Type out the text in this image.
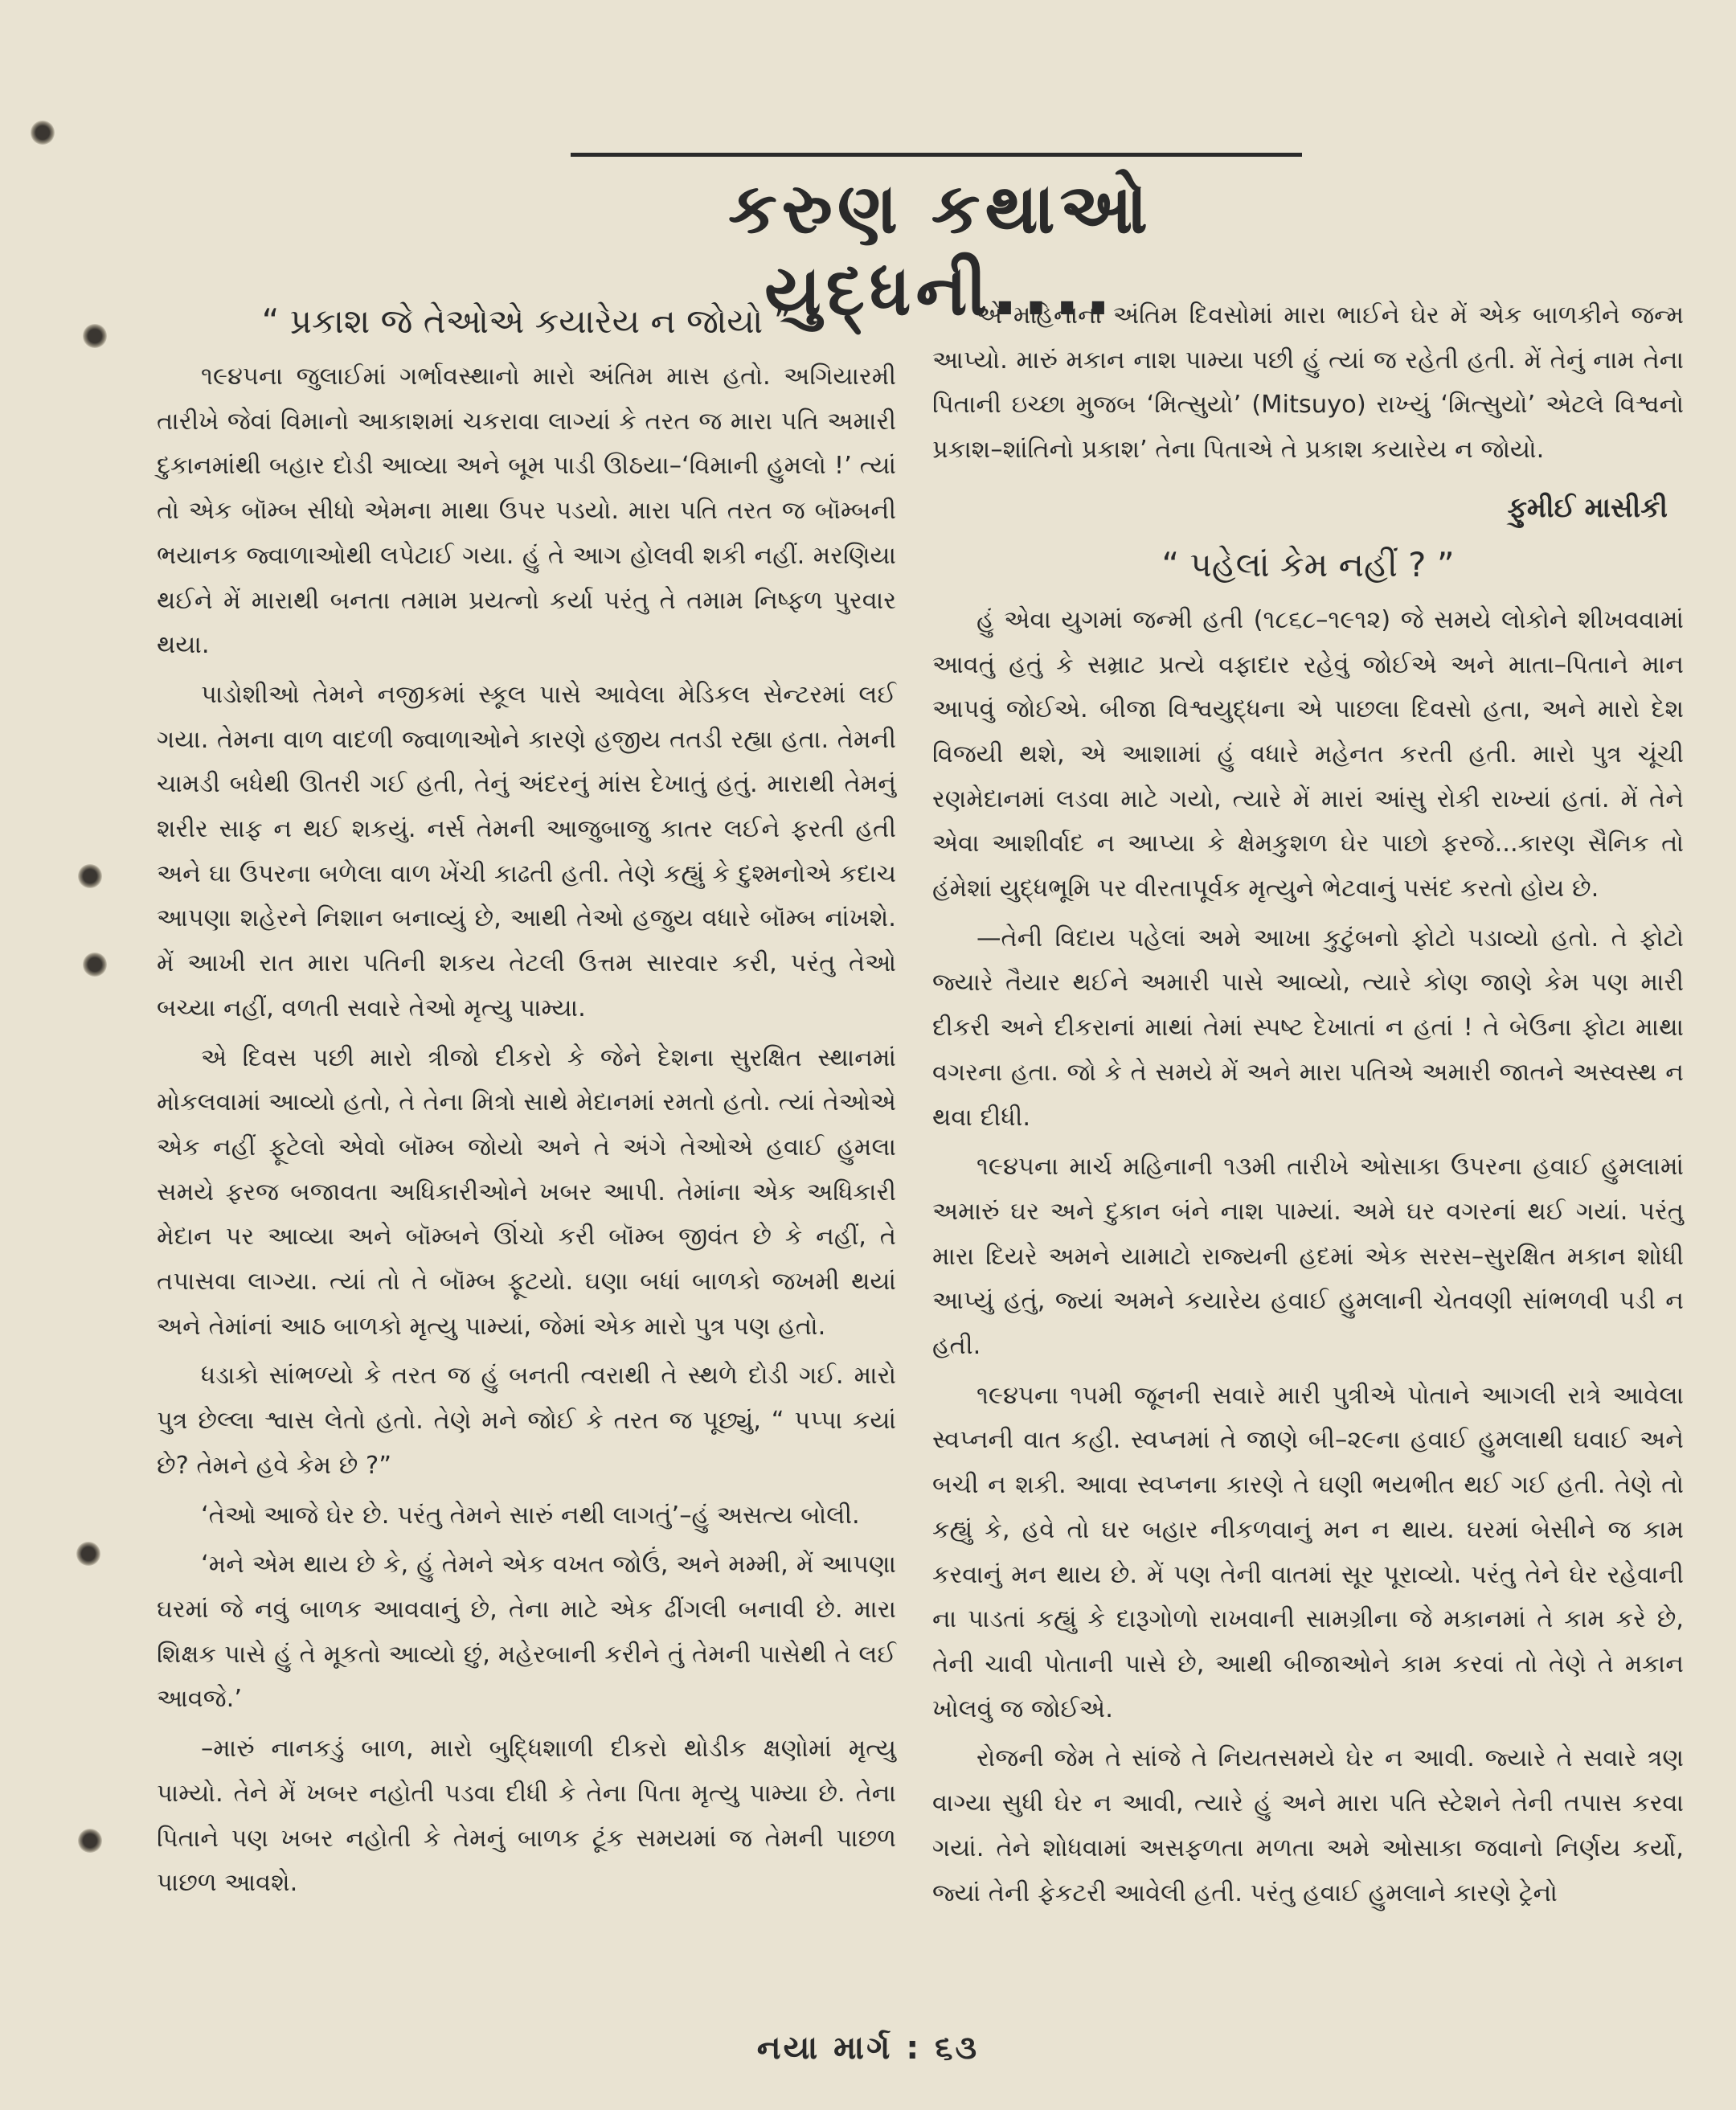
કરુણ કથાઓ યુદ્ધની....
“ પ્રકાશ જે તેઓએ કયારેય ન જોયો ”

૧૯૪૫ના જુલાઈમાં ગર્ભાવસ્થાનો મારો અંતિમ માસ હતો. અગિયારમી તારીખે જેવાં વિમાનો આકાશમાં ચકરાવા લાગ્યાં કે તરત જ મારા પતિ અમારી દુકાનમાંથી બહાર દોડી આવ્યા અને બૂમ પાડી ઊઠયા–‘વિમાની હુમલો !’ ત્યાં તો એક બૉમ્બ સીધો એમના માથા ઉપર પડયો. મારા પતિ તરત જ બૉમ્બની ભયાનક જ્વાળાઓથી લપેટાઈ ગયા. હું તે આગ હોલવી શકી નહીં. મરણિયા થઈને મેં મારાથી બનતા તમામ પ્રયત્નો કર્યા પરંતુ તે તમામ નિષ્ફળ પુરવાર થયા.

પાડોશીઓ તેમને નજીકમાં સ્કૂલ પાસે આવેલા મેડિકલ સેન્ટરમાં લઈ ગયા. તેમના વાળ વાદળી જ્વાળાઓને કારણે હજીય તતડી રહ્યા હતા. તેમની ચામડી બધેથી ઊતરી ગઈ હતી, તેનું અંદરનું માંસ દેખાતું હતું. મારાથી તેમનું શરીર સાફ ન થઈ શકયું. નર્સ તેમની આજુબાજુ કાતર લઈને ફરતી હતી અને ઘા ઉપરના બળેલા વાળ ખેંચી કાઢતી હતી. તેણે કહ્યું કે દુશ્મનોએ કદાચ આપણા શહેરને નિશાન બનાવ્યું છે, આથી તેઓ હજુય વધારે બૉમ્બ નાંખશે. મેં આખી રાત મારા પતિની શકય તેટલી ઉત્તમ સારવાર કરી, પરંતુ તેઓ બચ્યા નહીં, વળતી સવારે તેઓ મૃત્યુ પામ્યા.

એ દિવસ પછી મારો ત્રીજો દીકરો કે જેને દેશના સુરક્ષિત સ્થાનમાં મોકલવામાં આવ્યો હતો, તે તેના મિત્રો સાથે મેદાનમાં રમતો હતો. ત્યાં તેઓએ એક નહીં ફૂટેલો એવો બૉમ્બ જોયો અને તે અંગે તેઓએ હવાઈ હુમલા સમયે ફરજ બજાવતા અધિકારીઓને ખબર આપી. તેમાંના એક અધિકારી મેદાન પર આવ્યા અને બૉમ્બને ઊંચો કરી બૉમ્બ જીવંત છે કે નહીં, તે તપાસવા લાગ્યા. ત્યાં તો તે બૉમ્બ ફૂટયો. ઘણા બધાં બાળકો જખમી થયાં અને તેમાંનાં આઠ બાળકો મૃત્યુ પામ્યાં, જેમાં એક મારો પુત્ર પણ હતો.

ધડાકો સાંભળ્યો કે તરત જ હું બનતી ત્વરાથી તે સ્થળે દોડી ગઈ. મારો પુત્ર છેલ્લા શ્વાસ લેતો હતો. તેણે મને જોઈ કે તરત જ પૂછ્યું, “ પપ્પા કયાં છે? તેમને હવે કેમ છે ?”

‘તેઓ આજે ઘેર છે. પરંતુ તેમને સારું નથી લાગતું’–હું અસત્ય બોલી.

‘મને એમ થાય છે કે, હું તેમને એક વખત જોઉં, અને મમ્મી, મેં આપણા ઘરમાં જે નવું બાળક આવવાનું છે, તેના માટે એક ઢીંગલી બનાવી છે. મારા શિક્ષક પાસે હું તે મૂકતો આવ્યો છું, મહેરબાની કરીને તું તેમની પાસેથી તે લઈ આવજે.’

–મારું નાનકડું બાળ, મારો બુદ્ધિશાળી દીકરો થોડીક ક્ષણોમાં મૃત્યુ પામ્યો. તેને મેં ખબર નહોતી પડવા દીધી કે તેના પિતા મૃત્યુ પામ્યા છે. તેના પિતાને પણ ખબર નહોતી કે તેમનું બાળક ટૂંક સમયમાં જ તેમની પાછળ પાછળ આવશે.

એ મહિનાના અંતિમ દિવસોમાં મારા ભાઈને ઘેર મેં એક બાળકીને જન્મ આપ્યો. મારું મકાન નાશ પામ્યા પછી હું ત્યાં જ રહેતી હતી. મેં તેનું નામ તેના પિતાની ઇચ્છા મુજબ ‘મિત્સુયો’ (Mitsuyo) રાખ્યું ‘મિત્સુયો’ એટલે વિશ્વનો પ્રકાશ–શાંતિનો પ્રકાશ’ તેના પિતાએ તે પ્રકાશ કયારેય ન જોયો.

ફુમીઈ માસીકી
“ પહેલાં કેમ નહીં ? ”

હું એવા યુગમાં જન્મી હતી (૧૮૬૮–૧૯૧૨) જે સમયે લોકોને શીખવવામાં આવતું હતું કે સમ્રાટ પ્રત્યે વફાદાર રહેવું જોઈએ અને માતા–પિતાને માન આપવું જોઈએ. બીજા વિશ્વયુદ્ધના એ પાછલા દિવસો હતા, અને મારો દેશ વિજયી થશે, એ આશામાં હું વધારે મહેનત કરતી હતી. મારો પુત્ર ચૂંચી રણમેદાનમાં લડવા માટે ગયો, ત્યારે મેં મારાં આંસુ રોકી રાખ્યાં હતાં. મેં તેને એવા આશીર્વાદ ન આપ્યા કે ક્ષેમકુશળ ઘેર પાછો ફરજે...કારણ સૈનિક તો હંમેશાં યુદ્ધભૂમિ પર વીરતાપૂર્વક મૃત્યુને ભેટવાનું પસંદ કરતો હોય છે.

—તેની વિદાય પહેલાં અમે આખા કુટુંબનો ફોટો પડાવ્યો હતો. તે ફોટો જ્યારે તૈયાર થઈને અમારી પાસે આવ્યો, ત્યારે કોણ જાણે કેમ પણ મારી દીકરી અને દીકરાનાં માથાં તેમાં સ્પષ્ટ દેખાતાં ન હતાં ! તે બેઉના ફોટા માથા વગરના હતા. જો કે તે સમયે મેં અને મારા પતિએ અમારી જાતને અસ્વસ્થ ન થવા દીધી.

૧૯૪૫ના માર્ચ મહિનાની ૧૩મી તારીખે ઓસાકા ઉપરના હવાઈ હુમલામાં અમારું ઘર અને દુકાન બંને નાશ પામ્યાં. અમે ઘર વગરનાં થઈ ગયાં. પરંતુ મારા દિયરે અમને યામાટો રાજ્યની હદમાં એક સરસ–સુરક્ષિત મકાન શોધી આપ્યું હતું, જ્યાં અમને કયારેય હવાઈ હુમલાની ચેતવણી સાંભળવી પડી ન હતી.

૧૯૪૫ના ૧૫મી જૂનની સવારે મારી પુત્રીએ પોતાને આગલી રાત્રે આવેલા સ્વપ્નની વાત કહી. સ્વપ્નમાં તે જાણે બી–૨૯ના હવાઈ હુમલાથી ઘવાઈ અને બચી ન શકી. આવા સ્વપ્નના કારણે તે ઘણી ભયભીત થઈ ગઈ હતી. તેણે તો કહ્યું કે, હવે તો ઘર બહાર નીકળવાનું મન ન થાય. ઘરમાં બેસીને જ કામ કરવાનું મન થાય છે. મેં પણ તેની વાતમાં સૂર પૂરાવ્યો. પરંતુ તેને ઘેર રહેવાની ના પાડતાં કહ્યું કે દારૂગોળો રાખવાની સામગ્રીના જે મકાનમાં તે કામ કરે છે, તેની ચાવી પોતાની પાસે છે, આથી બીજાઓને કામ કરવાં તો તેણે તે મકાન ખોલવું જ જોઈએ.

રોજની જેમ તે સાંજે તે નિયતસમયે ઘેર ન આવી. જ્યારે તે સવારે ત્રણ વાગ્યા સુધી ઘેર ન આવી, ત્યારે હું અને મારા પતિ સ્ટેશને તેની તપાસ કરવા ગયાં. તેને શોધવામાં અસફળતા મળતા અમે ઓસાકા જવાનો નિર્ણય કર્યો, જ્યાં તેની ફેકટરી આવેલી હતી. પરંતુ હવાઈ હુમલાને કારણે ટ્રેનો

નયા માર્ગ : ૬૩
